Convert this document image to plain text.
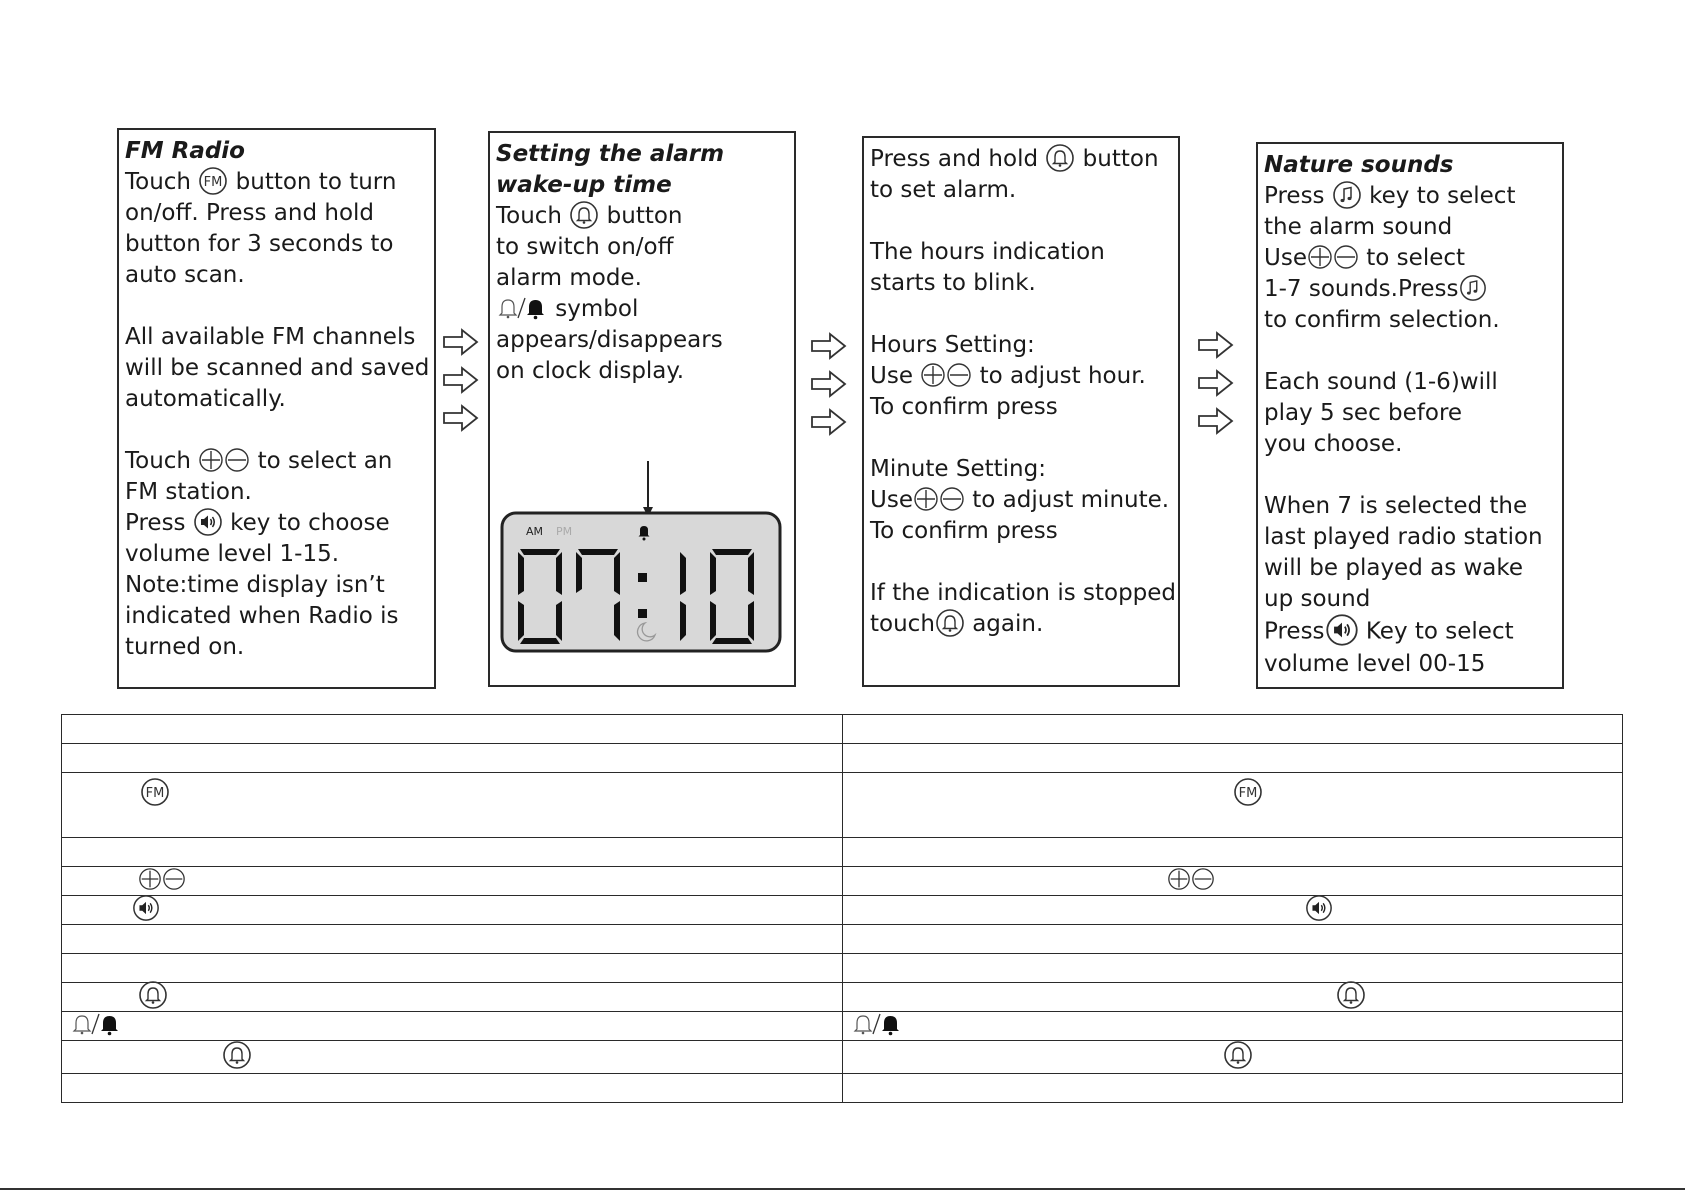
FM Radio
Touch
button to turn
on/off. Press and hold
button for 3 seconds to
auto scan.
All available FM channels
will be scanned and saved
automatically.
Touch
to select an
FM station.
Press
key to choose
volume level 1-15.
Note:time display isn’t
indicated when Radio is
turned on.
Setting the alarm
wake-up time
Touch
button
to switch on/off
alarm mode.
symbol
appears/disappears
on clock display.
AM PM
Press and hold
button
to set alarm.
The hours indication
starts to blink.
Hours Setting:
Use
to adjust hour.
To confirm press
Minute Setting:
Use
to adjust minute.
To confirm press
If the indication is stopped
touch
again.
Nature sounds
Press
key to select
the alarm sound
Use
to select
1-7 sounds.Press
to confirm selection.
Each sound (1-6)will
play 5 sec before
you choose.
When 7 is selected the
last played radio station
will be played as wake
up sound
Press
Key to select
volume level 00-15
